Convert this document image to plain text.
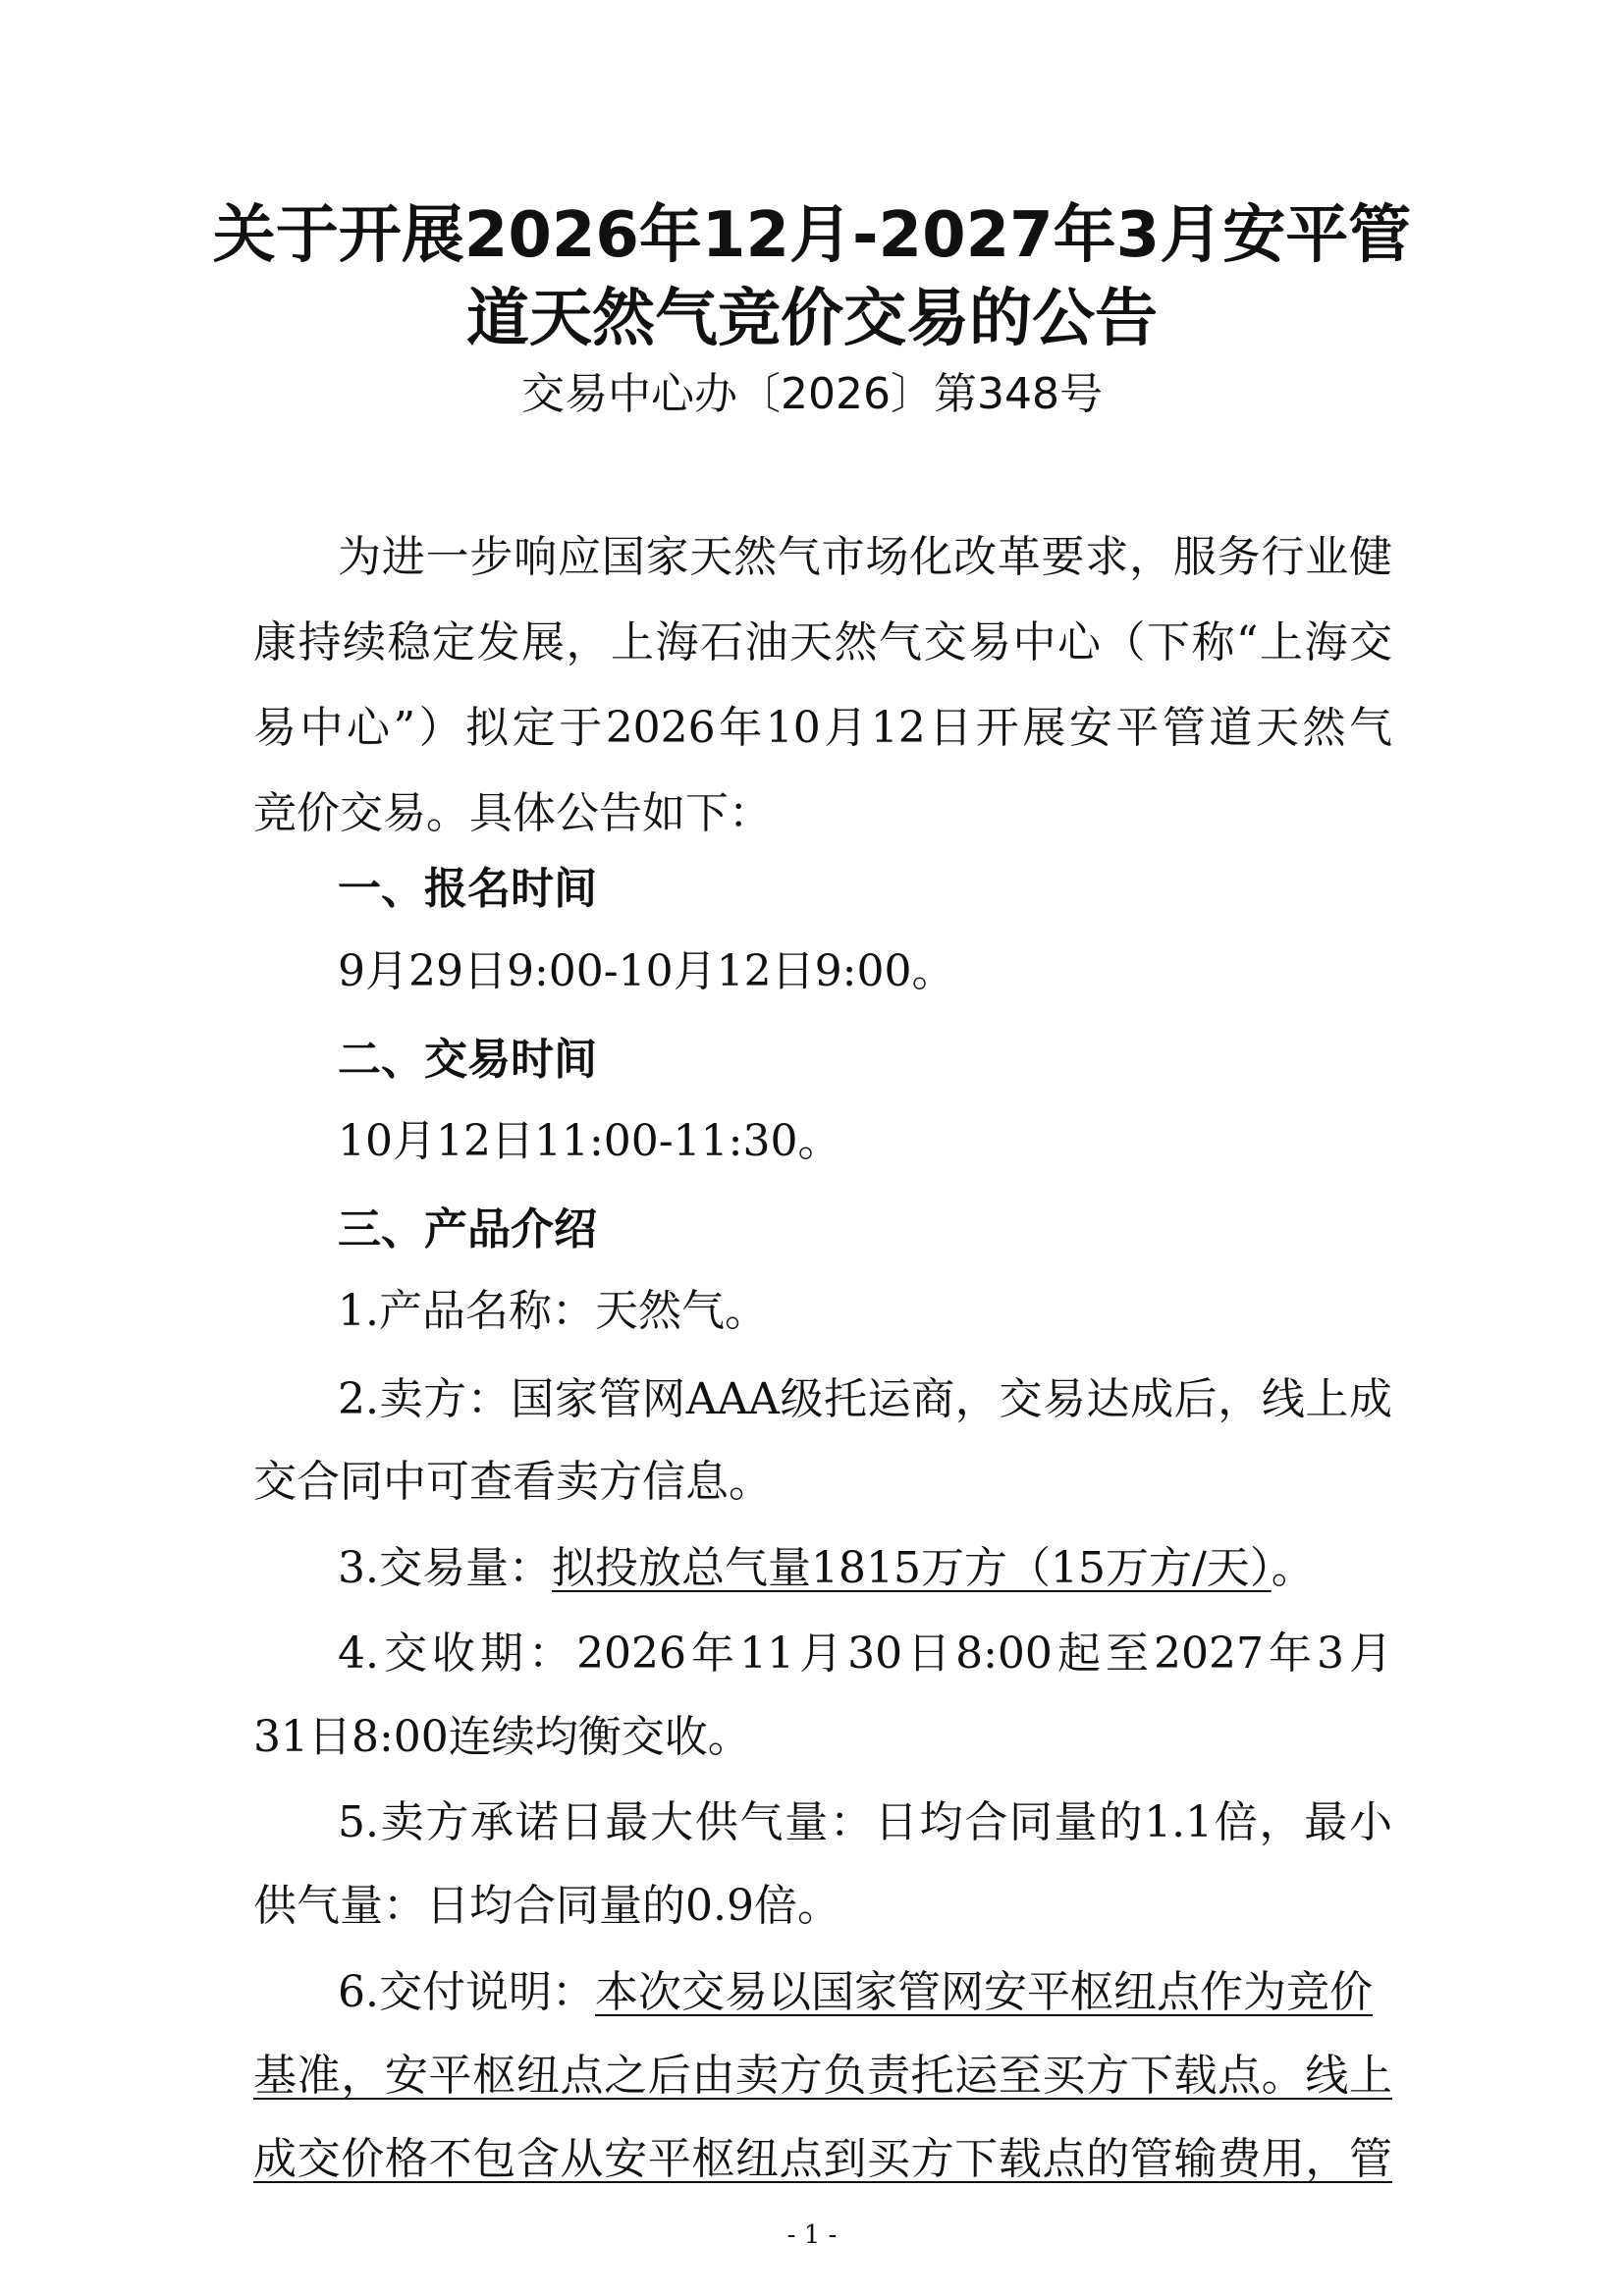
关于开展2026年12月-2027年3月安平管
道天然气竞价交易的公告
交易中心办〔2026〕第348号
为进一步响应国家天然气市场化改革要求，服务行业健
康持续稳定发展，上海石油天然气交易中心（下称“上海交
易中心”）拟定于2026年10月12日开展安平管道天然气
竞价交易。具体公告如下：
一、报名时间
9月29日9:00-10月12日9:00。
二、交易时间
10月12日11:00-11:30。
三、产品介绍
1.产品名称：天然气。
2.卖方：国家管网AAA级托运商，交易达成后，线上成
交合同中可查看卖方信息。
3.交易量：拟投放总气量1815万方（15万方/天）。
4.交收期：2026年11月30日8:00起至2027年3月
31日8:00连续均衡交收。
5.卖方承诺日最大供气量：日均合同量的1.1倍，最小
供气量：日均合同量的0.9倍。
6.交付说明：本次交易以国家管网安平枢纽点作为竞价
基准，安平枢纽点之后由卖方负责托运至买方下载点。线上
成交价格不包含从安平枢纽点到买方下载点的管输费用，管
- 1 -
